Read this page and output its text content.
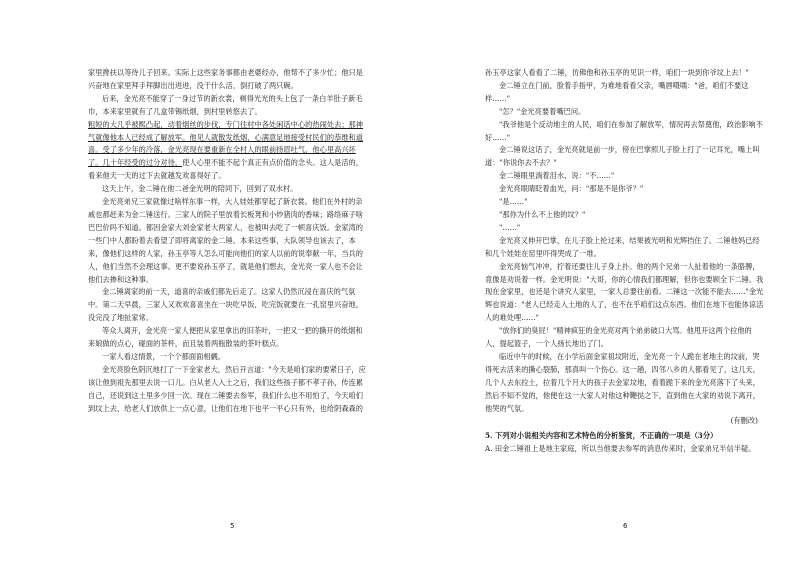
家里搀扶以等待儿子回来。实际上这些家务事都由老婆经办，他帮不了多少忙；他只是兴奋地在家里拜手拜脚出出进进，没干什么活，倒打破了两只碗。

后来，金光亮不能穿了一身过节的新衣裳，剃得光光的头上包了一条白羊肚子新毛巾，本来家里就有了几盒带锡纸烟，到村里转悠去了。

粗短的大几乎被熙凸起，动着烟丝的步伐，专门往村中各处闲话中心的热闹处去；那神气就像他本人已经成了解放军。他见人就散发纸烟，心满意足地接受村民们的恭维和道喜。受了多少年的冷落，金光亮现在要重新在全村人的眼前扬眉吐气，他心里高兴坏了。几十年经受的过分对待，使人心里不能不起个真正有点价值的念头。这人是活的，看来他天一天的过下去就越发欢喜得好了。

这天上午，金二锤在他二爸金光明的陪同下，回到了双水村。

金光亮弟兄三家就像过啥样东事一样，大人娃娃都穿起了新衣裳。他们在外村的亲戚也都赶来为金二锤送行。三家人的院子里放着长板凳和小炒猪肉的香味；路络麻子啥巴巴价吗不知道。都因金家大刘金家老大两家人，也被叫去吃了一顿喜庆饭。金家湾的一些门中人都盼着去看望了即将离家的金二锤。本来这些事，大队领导也该去了，本来，像他们这样的人家，孙玉亭等人怎么可能向他们的家人以前的说奉献一年，当兵的人，他们当然不会理这事。更不要说孙玉亭了，就是他们想去，金光亮一家人也不会让他们去掺和这种事。

金二锤离家的前一天，道喜的亲戚们都先后走了。这家人仍然沉浸在喜庆的气氛中。第二天早晨，三家人又欢欢喜喜坐在一块吃早饭，吃完饭就要在一孔窑里兴奋地，没完没了地扯家常。

等众人离开，金光亮一家人便把从家里拿出的旧茶叶，一把又一把的撕开的纸烟和来娘做的点心，碰面的茶杯，而且装着两瓶散装的茶叶糕点。

一家人看这情景，一个个都面面相觑。

金光亮脸色阴沉地打了一下金家老大，然后开言道："今天是咱们家的要紧日子，应该让他到祖先那里去说一口儿。白从老人入土之后，我们这些孩子都不孝子孙，传连累自己，还说到这土里多少回一次。现在二锤要去参军，我们什么也不用怕了，今天咱们到坟上去，给老人们放供上一点心意，让他们在地下也平一平心只有外，也给阴森森的

5

孙玉亭这家人看看了二锤，仿佛他和孙玉亭的见识一样，咱们一块到你爷坟上去！"

金二锤立在门前，脸着手指甲，为难地看看父亲，嘴唇嗫嚅："爸，咱们不要这样……"

"怎？"金光亮要着嘴巴问。

"我爷他是个反动地主的人民，咱们在参加了解放军，情况再去祭奠他，政治影响不好……"

金二锤说这话了，金光亮就是前一步，傍在巴掌照儿子脸上打了一记耳光，嘴上叫道："你说你去不去？"

金二锤眼里淌着泪水，说："不……"

金光亮眼睛眨着血光，问："那是不是你爷？"

"是……"

"那你为什么不上他的坟？"

"……"

金光亮又伸开巴掌，在儿子脸上抡过来，结果被光明和光辉挡住了。二锤他妈已经和几个娃娃在窑里吓得哭成了一堆。

金光亮恼气冲冲，拧着还要往儿子身上扑。他的两个兄弟一人扯着他的一条胳膊，竟像是劝说着一样。金光明说："大哥，你的心情我们都理解，但你也要顾全下二锤。我现在金家里，也还是个讲究人家里，一家人总要往前看。二锤这一次能不能去……"金光辉也说道："老人已经走入土地的人了，也不在乎咱们这点东西。他们在地下也能体谅活人的难处哩……"

"放你们的臭屁！"精神疯狂的金光亮对两个弟弟破口大骂。他甩开这两个拉他的人，提起篮子，一个人扬长地出了门。

临近中午的时候，在小学后面金家祖坟附近，金光亮一个人跪在老地主的坟前，哭得死去活来的撕心裂肺，那真叫一个伤心。这一趟，四邻八乡的人都看见了，这几天，几个人去东拉土，拉着几个月大的孩子去金家坟地，看着跪下来的金光亮落下了头来，然后不知不觉的，他便在这一大家人对他这种鞭挞之下，直到他在大家的劝说下离开，他哭的气氛。

(有删改)

5. 下列对小说相关内容和艺术特色的分析鉴赏，不正确的一项是（3分）

A. 田金二锤祖上是地主家庭，所以当他要去参军的消息传来时，金家弟兄半信半疑。

6
